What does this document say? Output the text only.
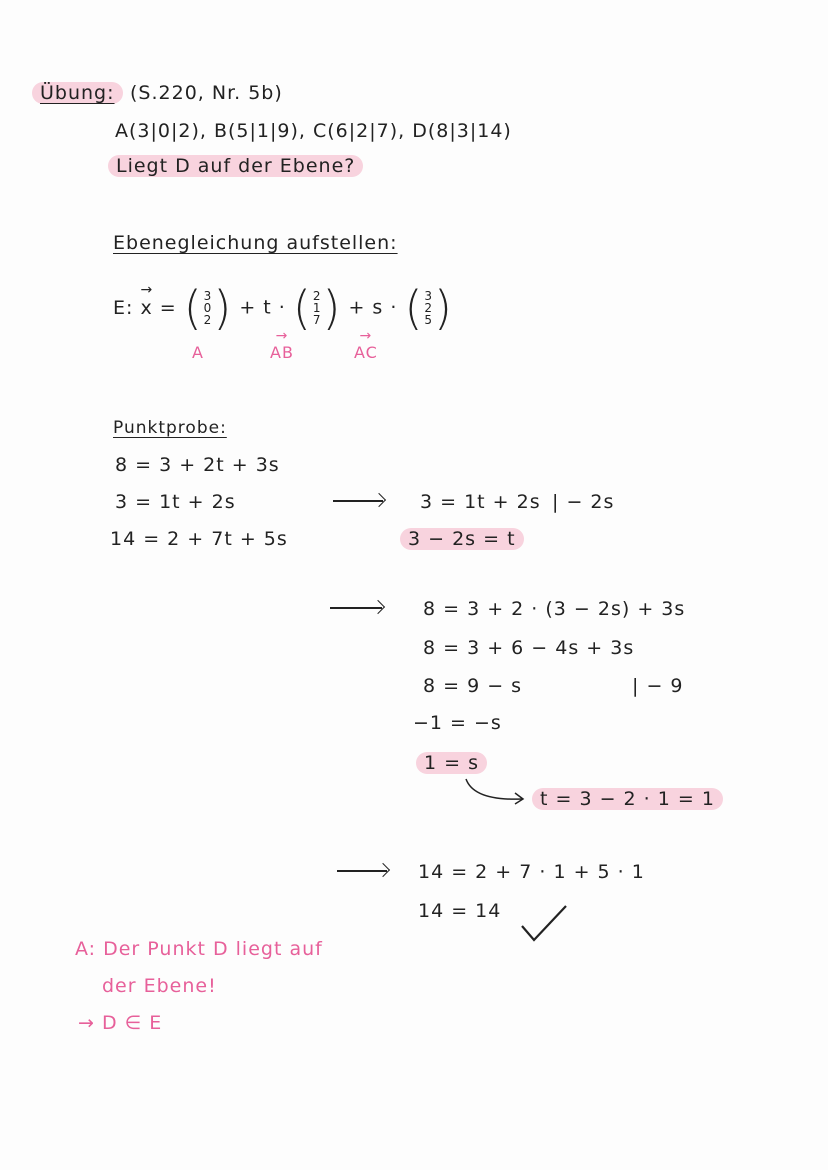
Übung: (S.220, Nr. 5b)
A(3|0|2), B(5|1|9), C(6|2|7), D(8|3|14)
Liegt D auf der Ebene?
Ebenegleichung aufstellen:
E: → x = ( 3
0
2 ) + t · ( 2
1
7 ) + s · ( 3
2
5 )
A	→ AB	→ AC
Punktprobe:
8 = 3 + 2t + 3s
3 = 1t + 2s
14 = 2 + 7t + 5s
3 = 1t + 2s | − 2s
3 − 2s = t
8 = 3 + 2 · (3 − 2s) + 3s
8 = 3 + 6 − 4s + 3s
8 = 9 − s	| − 9
−1 = −s
1 = s
t = 3 − 2 · 1 = 1
14 = 2 + 7 · 1 + 5 · 1
14 = 14
A: Der Punkt D liegt auf
der Ebene!
→ D ∈ E
